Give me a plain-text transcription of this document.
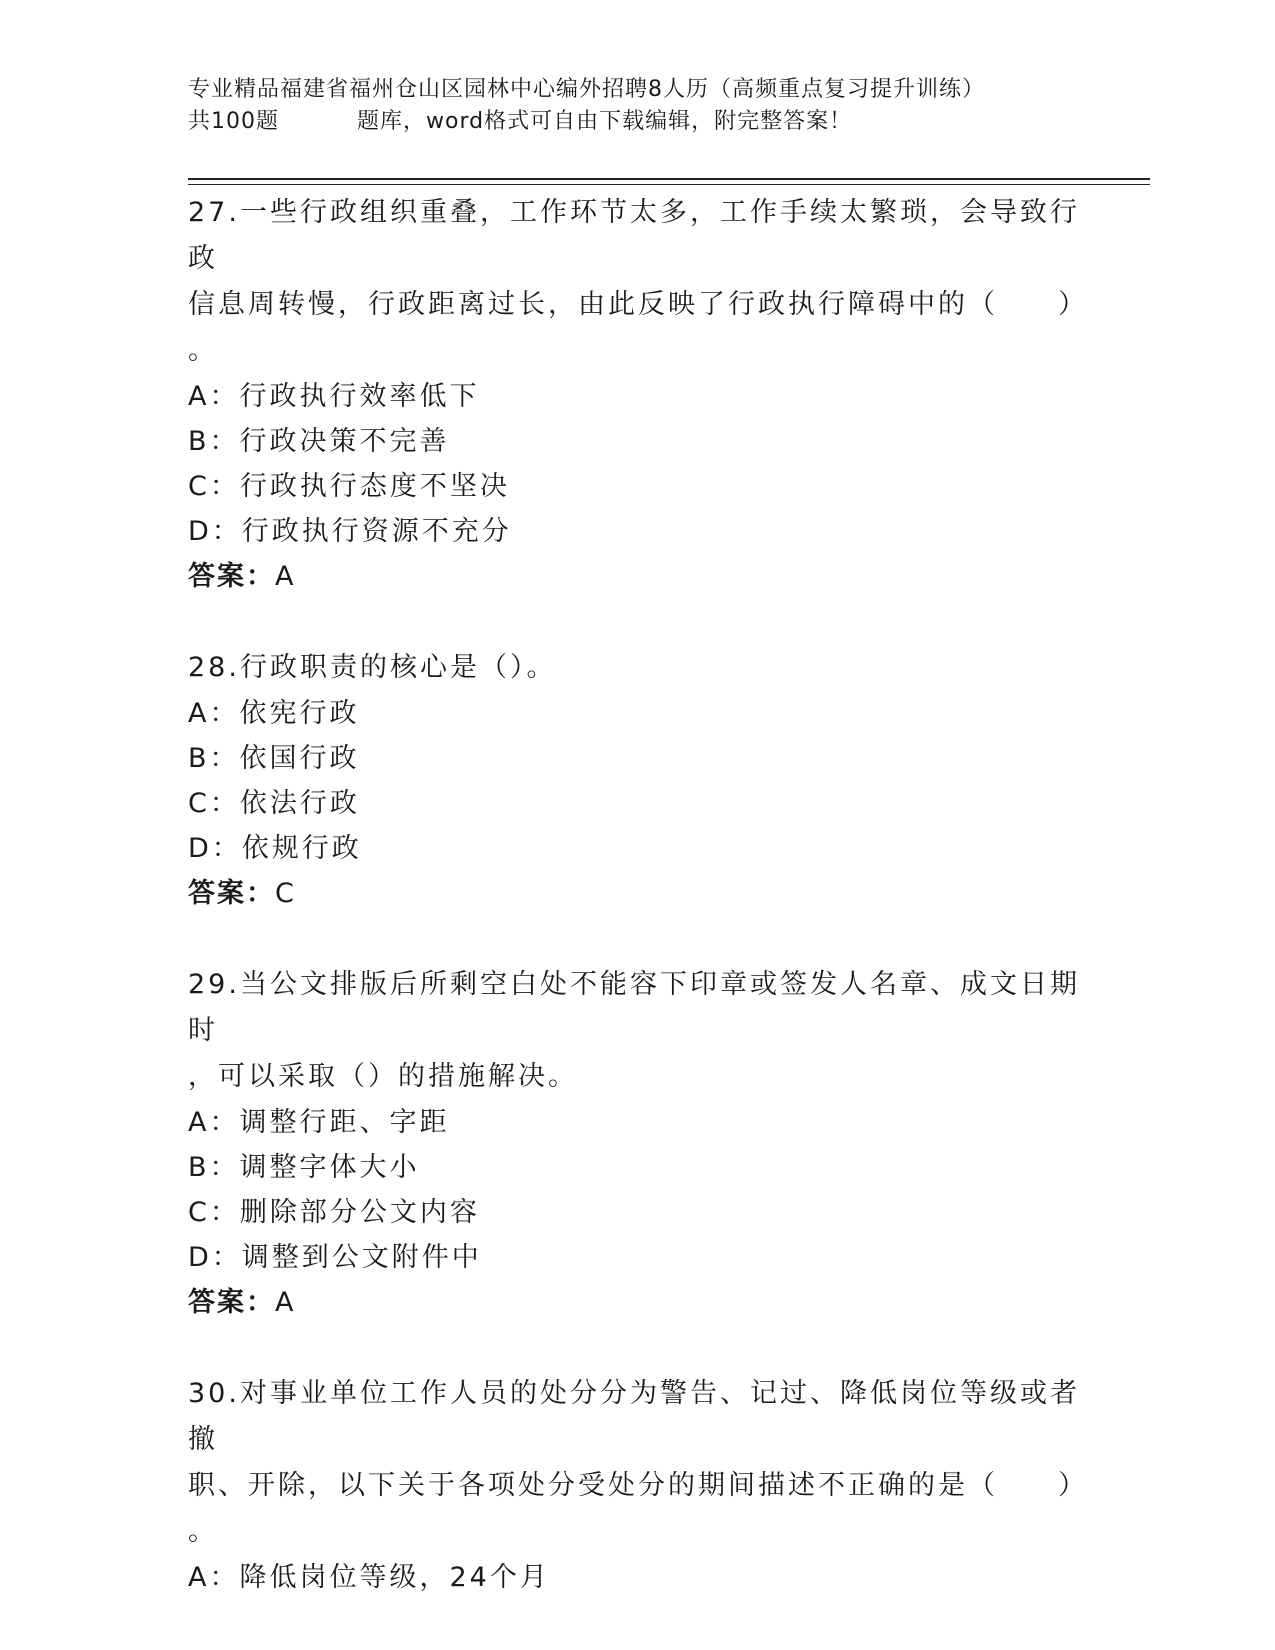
专业精品福建省福州仓山区园林中心编外招聘8人历（高频重点复习提升训练）
共100题	题库，word格式可自由下载编辑，附完整答案！
27.一些行政组织重叠，工作环节太多，工作手续太繁琐，会导致行政
信息周转慢，行政距离过长，由此反映了行政执行障碍中的（　　）
。
A：行政执行效率低下
B：行政决策不完善
C：行政执行态度不坚决
D：行政执行资源不充分
答案：A
28.行政职责的核心是（）。
A：依宪行政
B：依国行政
C：依法行政
D：依规行政
答案：C
29.当公文排版后所剩空白处不能容下印章或签发人名章、成文日期时
，可以采取（）的措施解决。
A：调整行距、字距
B：调整字体大小
C：删除部分公文内容
D：调整到公文附件中
答案：A
30.对事业单位工作人员的处分分为警告、记过、降低岗位等级或者撤
职、开除，以下关于各项处分受处分的期间描述不正确的是（　　）
。
A：降低岗位等级，24个月
